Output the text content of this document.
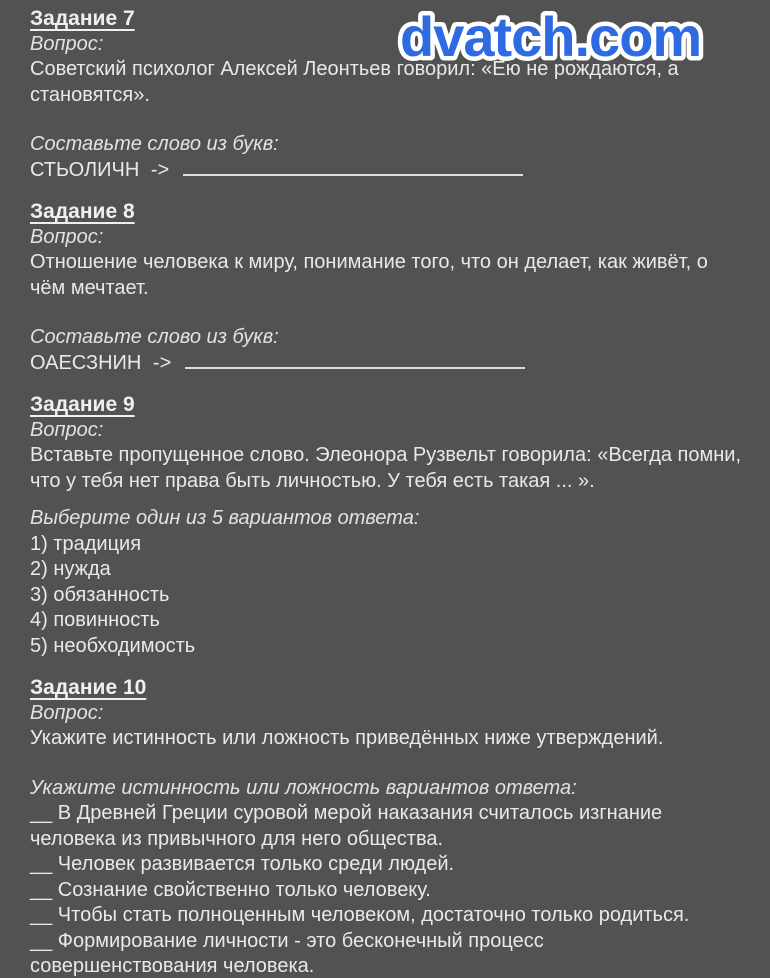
dvatch.com
Задание 7
Вопрос:

Советский психолог Алексей Леонтьев говорил: «Ею не рождаются, а становятся».

Составьте слово из букв:
СТЬОЛИЧН ->
Задание 8
Вопрос:

Отношение человека к миру, понимание того, что он делает, как живёт, о чём мечтает.

Составьте слово из букв:
ОАЕСЗНИН ->
Задание 9
Вопрос:

Вставьте пропущенное слово. Элеонора Рузвельт говорила: «Всегда помни, что у тебя нет права быть личностью. У тебя есть такая ... ».

Выберите один из 5 вариантов ответа:
1) традиция
2) нужда
3) обязанность
4) повинность
5) необходимость
Задание 10
Вопрос:

Укажите истинность или ложность приведённых ниже утверждений.

Укажите истинность или ложность вариантов ответа:
__ В Древней Греции суровой мерой наказания считалось изгнание человека из привычного для него общества.
__ Человек развивается только среди людей.
__ Сознание свойственно только человеку.
__ Чтобы стать полноценным человеком, достаточно только родиться.
__ Формирование личности - это бесконечный процесс совершенствования человека.
